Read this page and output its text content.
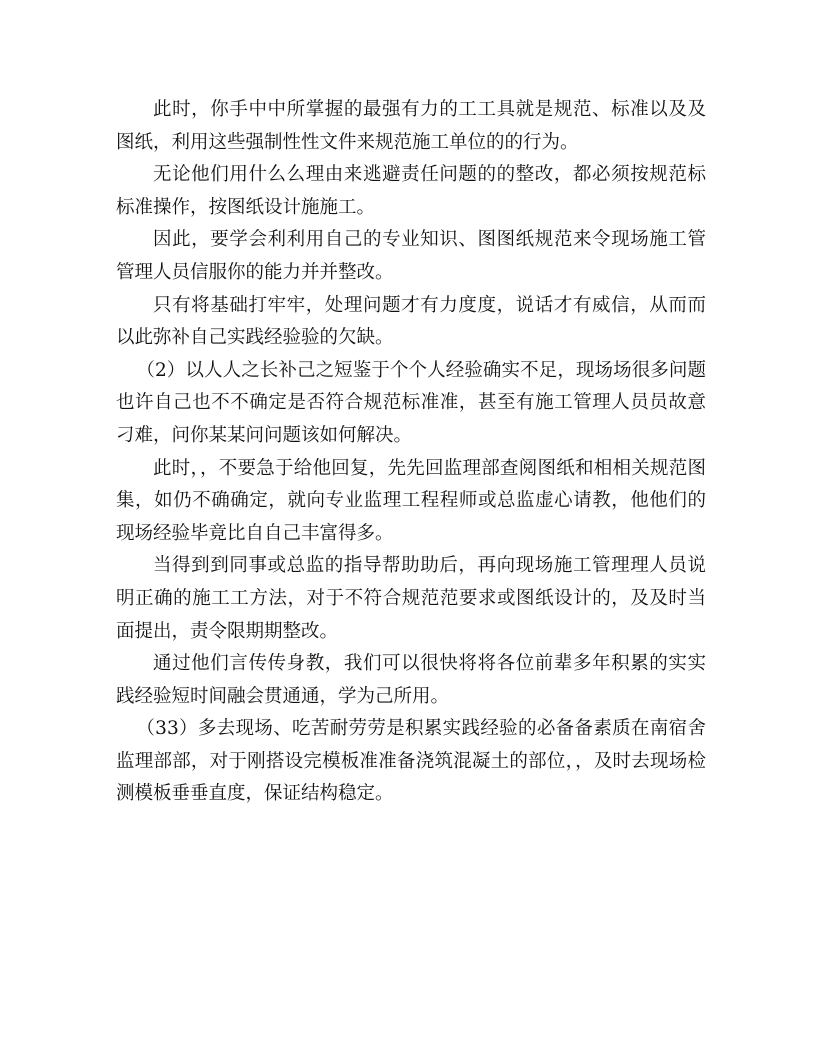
此时，你手中中所掌握的最强有力的工工具就是规范、标准以及及图纸，利用这些强制性性文件来规范施工单位的的行为。

无论他们用什么么理由来逃避责任问题的的整改，都必须按规范标标准操作，按图纸设计施施工。

因此，要学会利利用自己的专业知识、图图纸规范来令现场施工管管理人员信服你的能力并并整改。

只有将基础打牢牢，处理问题才有力度度，说话才有威信，从而而以此弥补自己实践经验验的欠缺。

（2）以人人之长补己之短鉴于个个人经验确实不足，现场场很多问题也许自己也不不确定是否符合规范标准准，甚至有施工管理人员员故意刁难，问你某某问问题该如何解决。

此时，，不要急于给他回复，先先回监理部查阅图纸和相相关规范图集，如仍不确确定，就向专业监理工程程师或总监虚心请教，他他们的现场经验毕竟比自自己丰富得多。

当得到到同事或总监的指导帮助助后，再向现场施工管理理人员说明正确的施工工方法，对于不符合规范范要求或图纸设计的，及及时当面提出，责令限期期整改。

通过他们言传传身教，我们可以很快将将各位前辈多年积累的实实践经验短时间融会贯通通，学为己所用。

（33）多去现场、吃苦耐劳劳是积累实践经验的必备备素质在南宿舍监理部部，对于刚搭设完模板准准备浇筑混凝土的部位，，及时去现场检测模板垂垂直度，保证结构稳定。
